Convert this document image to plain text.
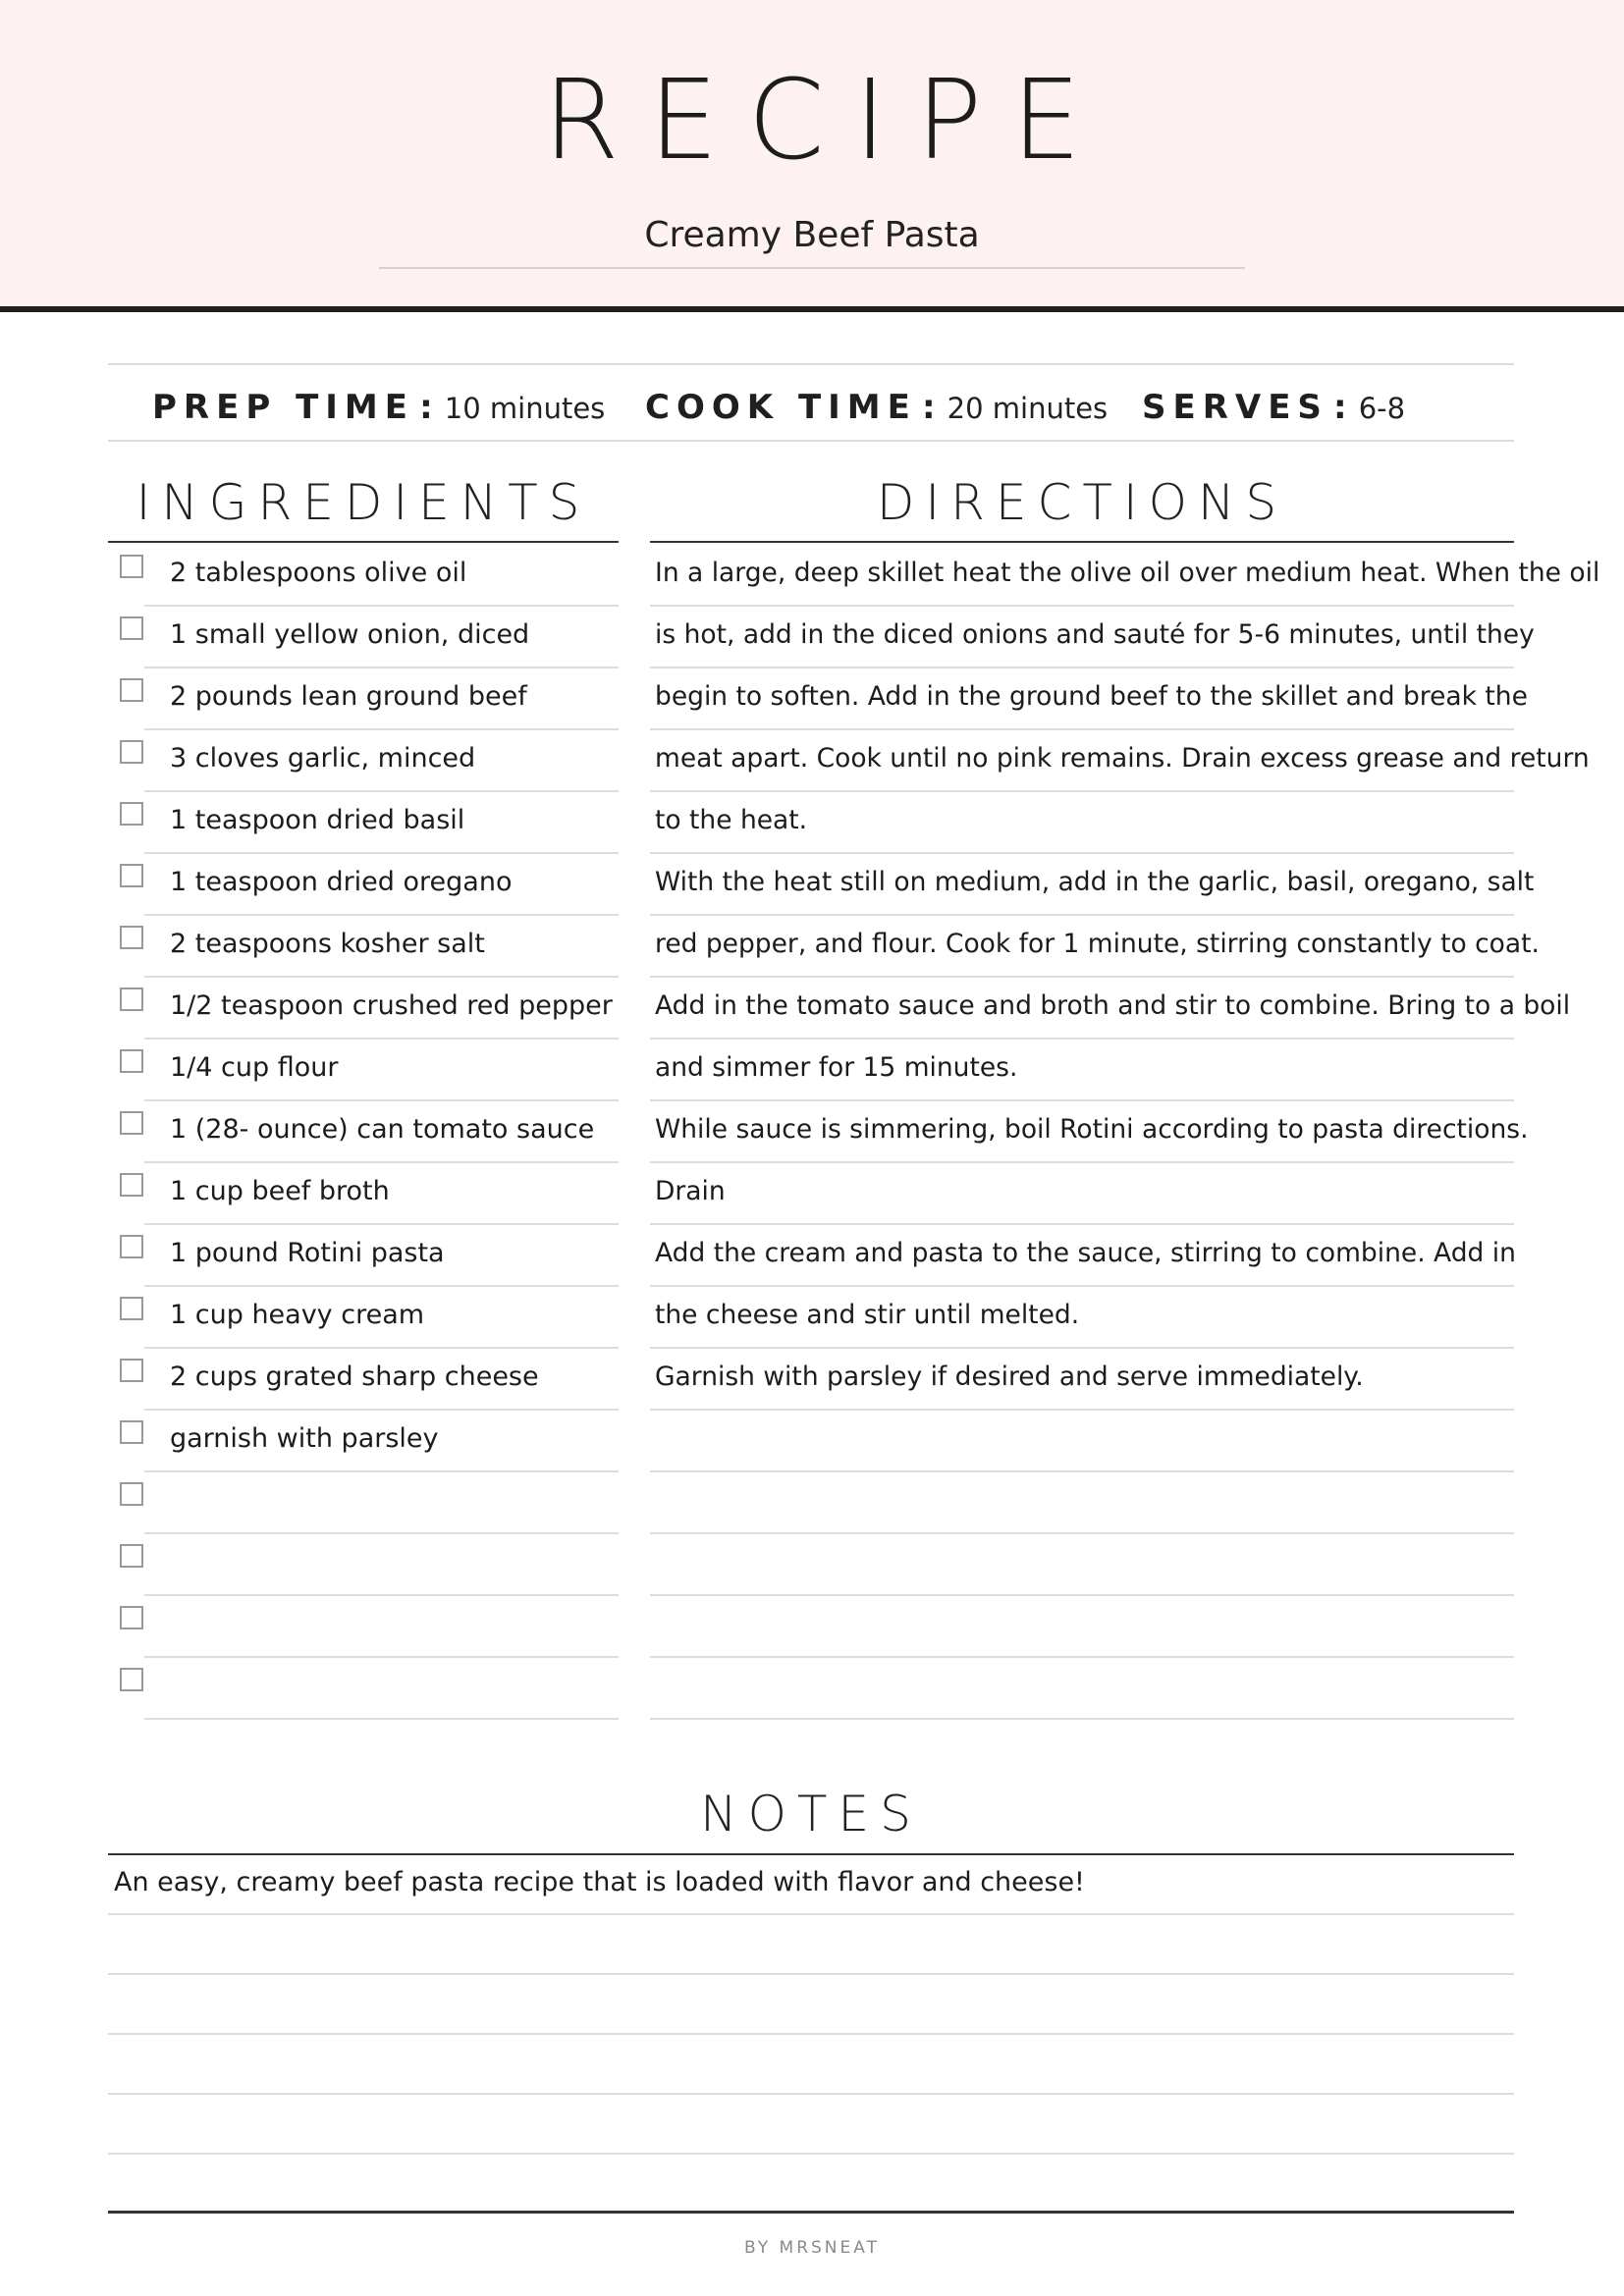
RECIPE
Creamy Beef Pasta
PREP TIME : 10 minutes COOK TIME : 20 minutes SERVES : 6-8
INGREDIENTS	DIRECTIONS
2 tablespoons olive oil
1 small yellow onion, diced
2 pounds lean ground beef
3 cloves garlic, minced
1 teaspoon dried basil
1 teaspoon dried oregano
2 teaspoons kosher salt
1/2 teaspoon crushed red pepper
1/4 cup flour
1 (28- ounce) can tomato sauce
1 cup beef broth
1 pound Rotini pasta
1 cup heavy cream
2 cups grated sharp cheese
garnish with parsley
In a large, deep skillet heat the olive oil over medium heat. When the oil
is hot, add in the diced onions and sauté for 5-6 minutes, until they
begin to soften. Add in the ground beef to the skillet and break the
meat apart. Cook until no pink remains. Drain excess grease and return
to the heat.
With the heat still on medium, add in the garlic, basil, oregano, salt
red pepper, and flour. Cook for 1 minute, stirring constantly to coat.
Add in the tomato sauce and broth and stir to combine. Bring to a boil
and simmer for 15 minutes.
While sauce is simmering, boil Rotini according to pasta directions.
Drain
Add the cream and pasta to the sauce, stirring to combine. Add in
the cheese and stir until melted.
Garnish with parsley if desired and serve immediately.
NOTES
An easy, creamy beef pasta recipe that is loaded with flavor and cheese!
BY MRSNEAT
